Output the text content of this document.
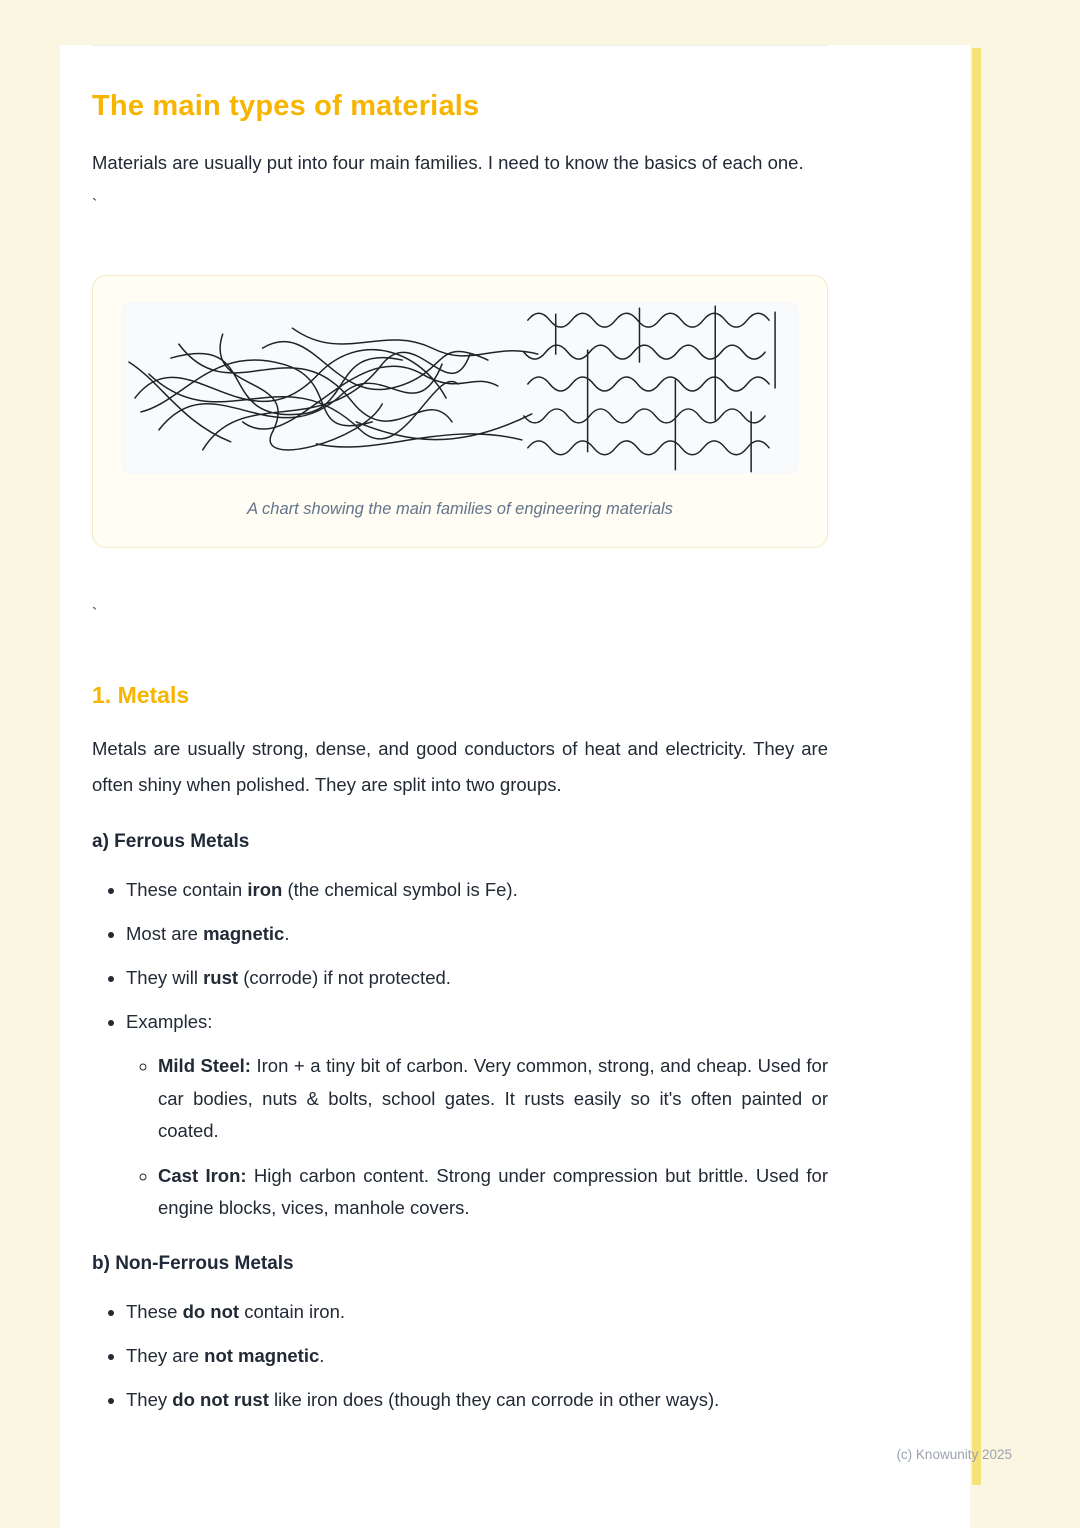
The main types of materials

Materials are usually put into four main families. I need to know the basics of each one.

`
A chart showing the main families of engineering materials
`
1. Metals

Metals are usually strong, dense, and good conductors of heat and electricity. They are often shiny when polished. They are split into two groups.

a) Ferrous Metals
• These contain iron (the chemical symbol is Fe).
• Most are magnetic.
• They will rust (corrode) if not protected.
• Examples:
◦ Mild Steel: Iron + a tiny bit of carbon. Very common, strong, and cheap. Used for car bodies, nuts & bolts, school gates. It rusts easily so it's often painted or coated.
◦ Cast Iron: High carbon content. Strong under compression but brittle. Used for engine blocks, vices, manhole covers.
b) Non-Ferrous Metals
• These do not contain iron.
• They are not magnetic.
• They do not rust like iron does (though they can corrode in other ways).
(c) Knowunity 2025
